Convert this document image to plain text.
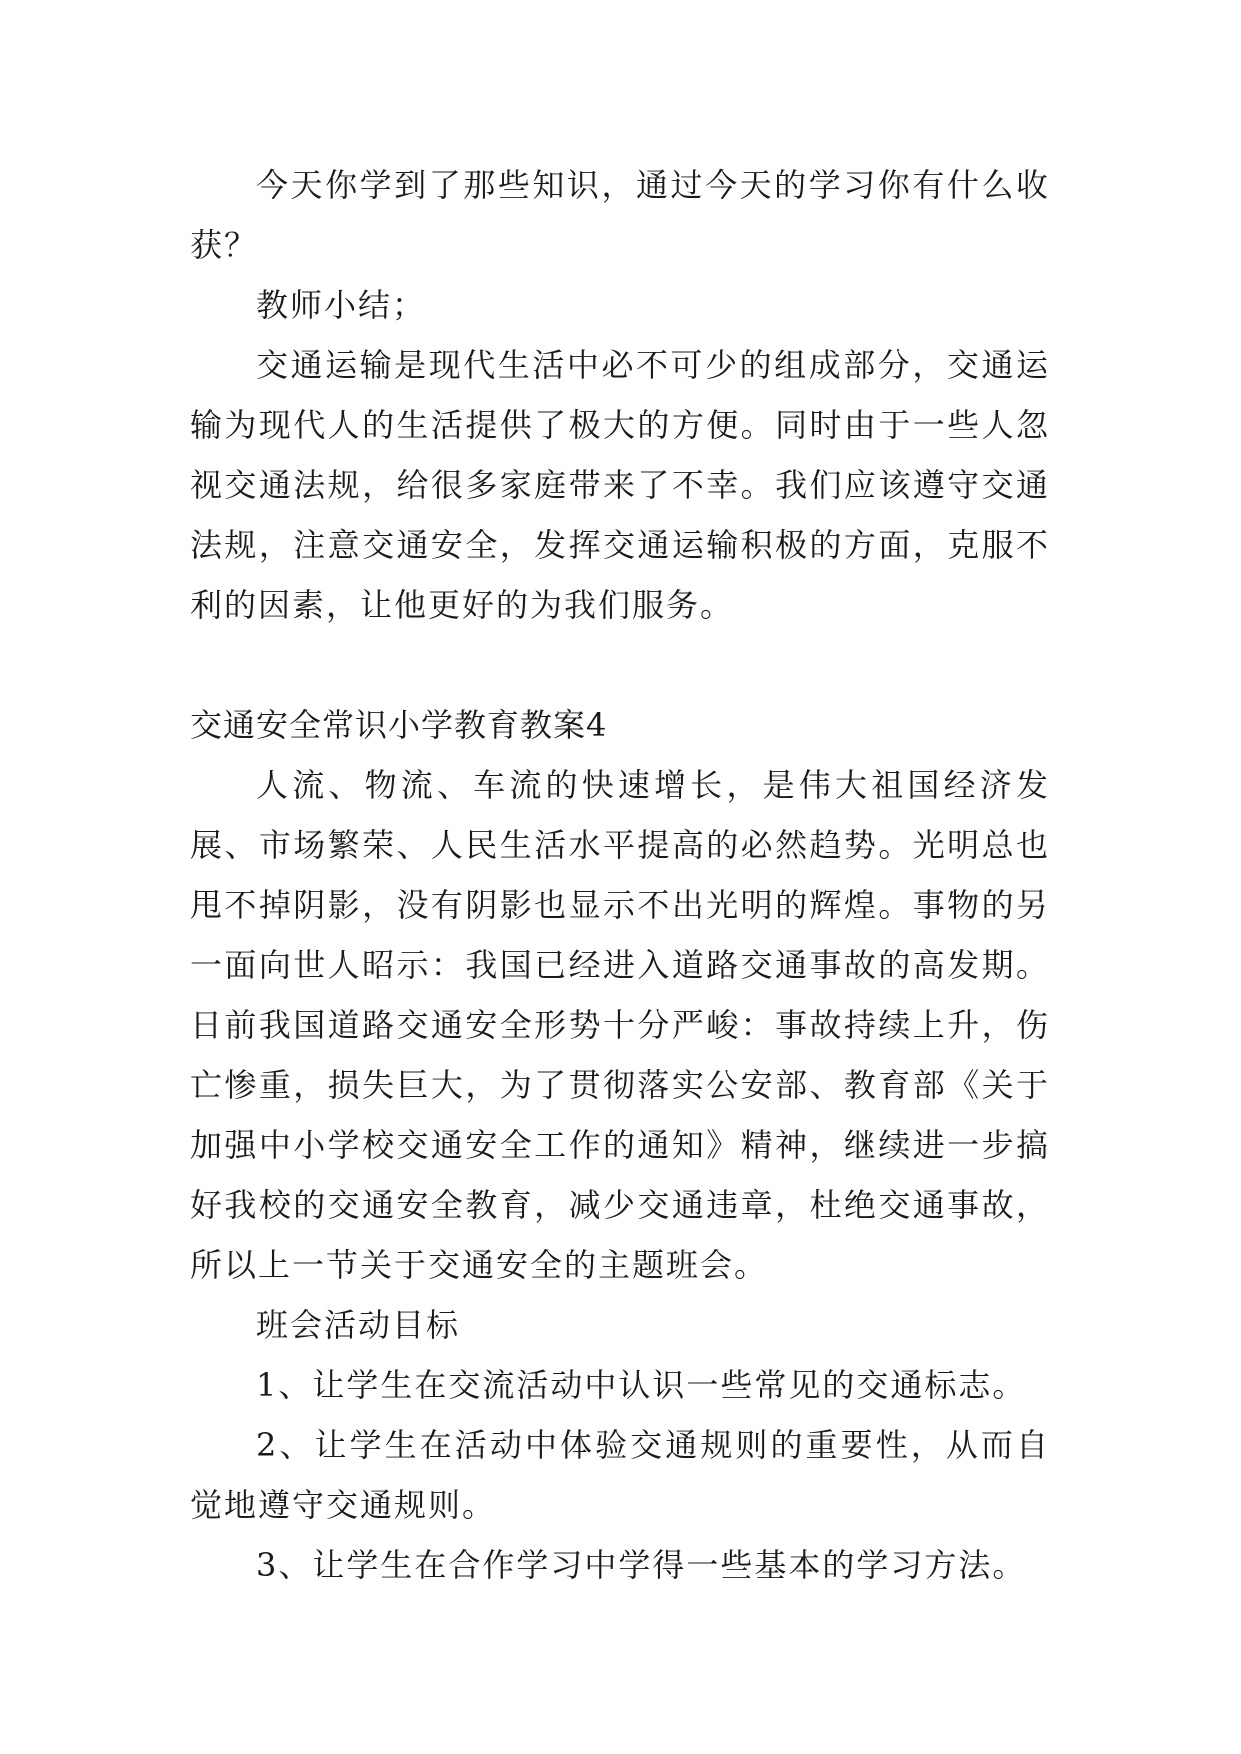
今天你学到了那些知识，通过今天的学习你有什么收获？

教师小结；

交通运输是现代生活中必不可少的组成部分，交通运输为现代人的生活提供了极大的方便。同时由于一些人忽视交通法规，给很多家庭带来了不幸。我们应该遵守交通法规，注意交通安全，发挥交通运输积极的方面，克服不利的因素，让他更好的为我们服务。

交通安全常识小学教育教案4

人流、物流、车流的快速增长，是伟大祖国经济发展、市场繁荣、人民生活水平提高的必然趋势。光明总也甩不掉阴影，没有阴影也显示不出光明的辉煌。事物的另一面向世人昭示：我国已经进入道路交通事故的高发期。日前我国道路交通安全形势十分严峻：事故持续上升，伤亡惨重，损失巨大，为了贯彻落实公安部、教育部《关于加强中小学校交通安全工作的通知》精神，继续进一步搞好我校的交通安全教育，减少交通违章，杜绝交通事故，所以上一节关于交通安全的主题班会。

班会活动目标

1、让学生在交流活动中认识一些常见的交通标志。

2、让学生在活动中体验交通规则的重要性，从而自觉地遵守交通规则。

3、让学生在合作学习中学得一些基本的学习方法。
